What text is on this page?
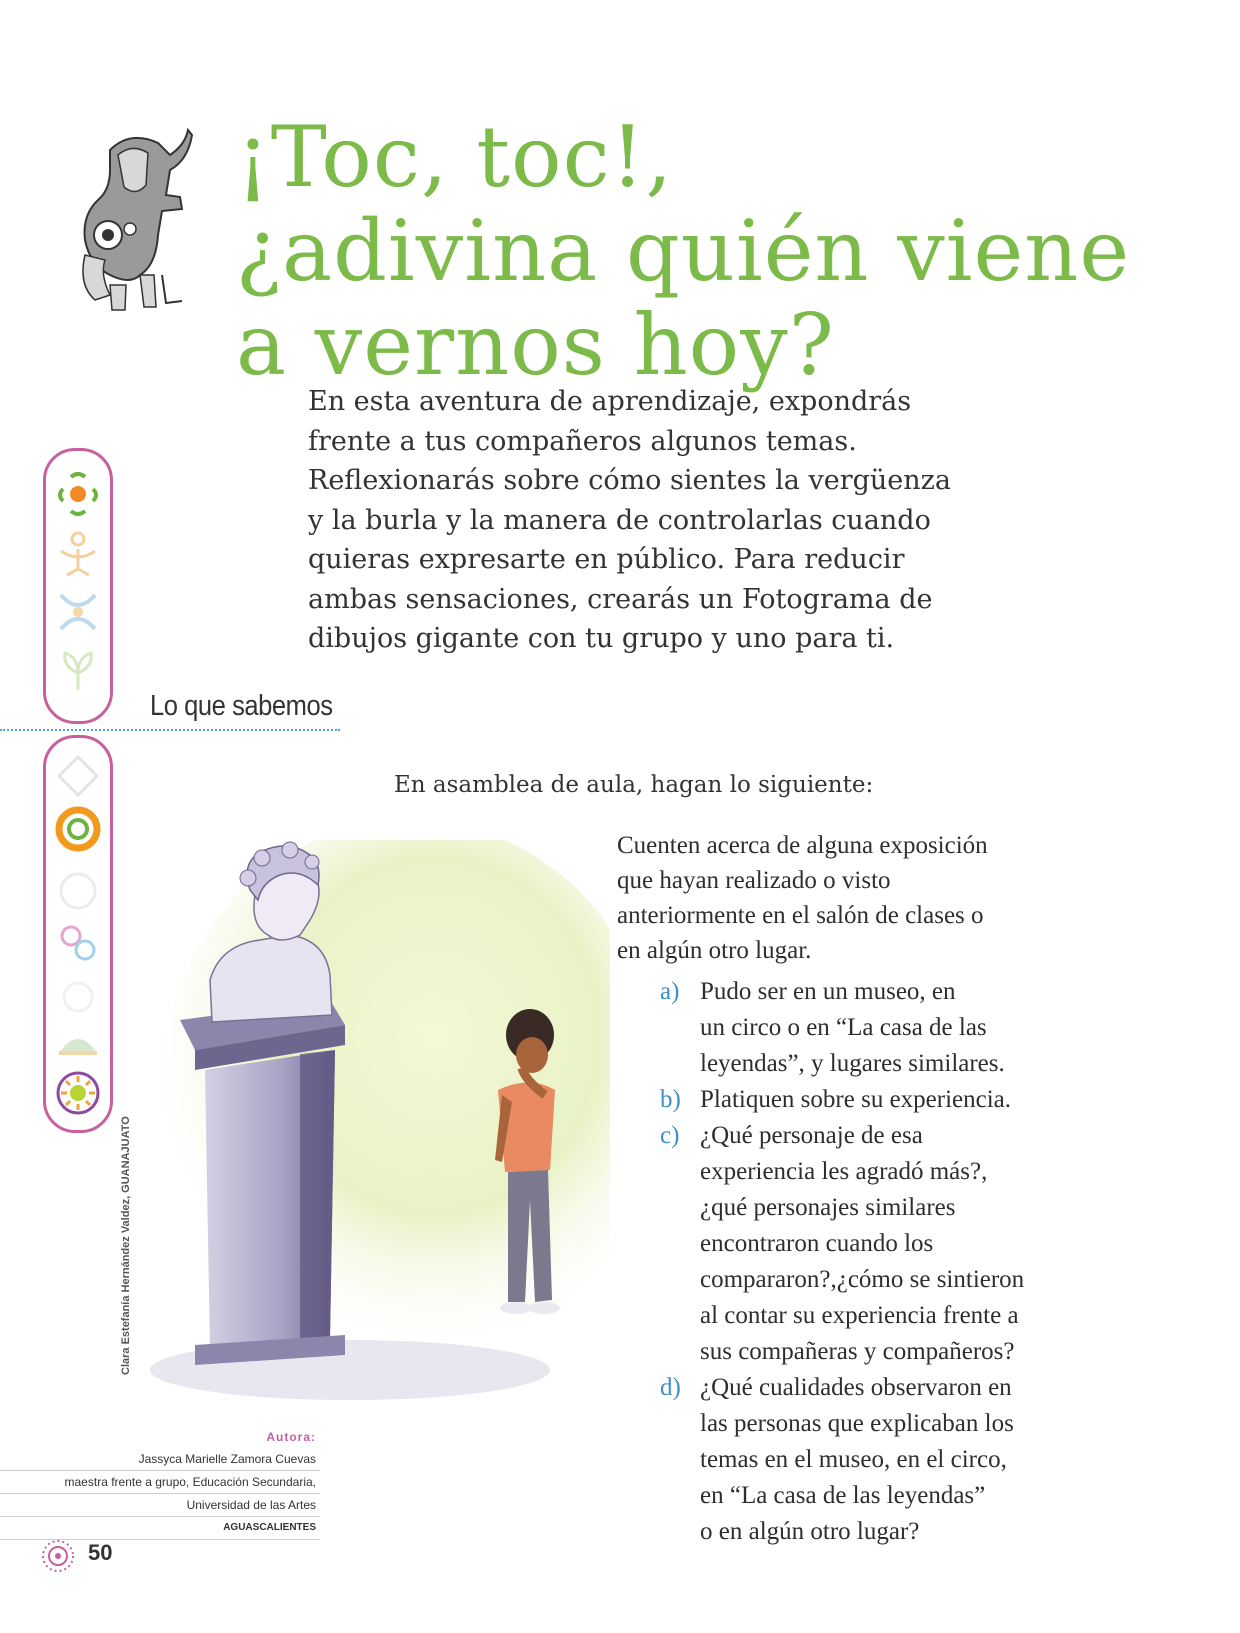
¡Toc, toc!,
¿adivina quién viene
a vernos hoy?

En esta aventura de aprendizaje, expondrás
frente a tus compañeros algunos temas.
Reflexionarás sobre cómo sientes la vergüenza
y la burla y la manera de controlarlas cuando
quieras expresarte en público. Para reducir
ambas sensaciones, crearás un Fotograma de
dibujos gigante con tu grupo y uno para ti.

Lo que sabemos

En asamblea de aula, hagan lo siguiente:

Clara Estefanía Hernández Valdez, GUANAJUATO

Cuenten acerca de alguna exposición
que hayan realizado o visto
anteriormente en el salón de clases o
en algún otro lugar.

a) Pudo ser en un museo, en
un circo o en “La casa de las
leyendas”, y lugares similares.
b) Platiquen sobre su experiencia.
c) ¿Qué personaje de esa
experiencia les agradó más?,
¿qué personajes similares
encontraron cuando los
compararon?,¿cómo se sintieron
al contar su experiencia frente a
sus compañeras y compañeros?
d) ¿Qué cualidades observaron en
las personas que explicaban los
temas en el museo, en el circo,
en “La casa de las leyendas”
o en algún otro lugar?
Autora:
Jassyca Marielle Zamora Cuevas
maestra frente a grupo, Educación Secundaria,
Universidad de las Artes
AGUASCALIENTES
50
